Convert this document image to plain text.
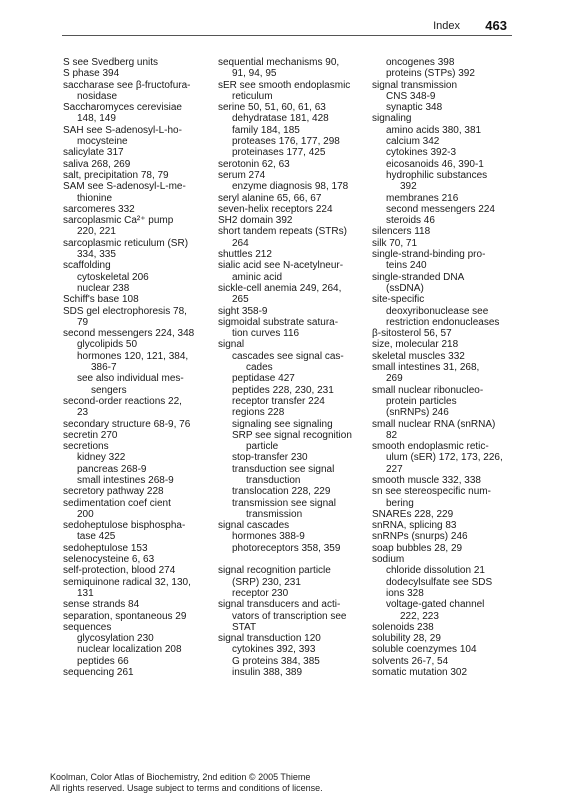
Index 463
S see Svedberg units
S phase 394
saccharase see β-fructofura-
nosidase
Saccharomyces cerevisiae
148, 149
SAH see S-adenosyl-L-ho-
mocysteine
salicylate 317
saliva 268, 269
salt, precipitation 78, 79
SAM see S-adenosyl-L-me-
thionine
sarcomeres 332
sarcoplasmic Ca²⁺ pump
220, 221
sarcoplasmic reticulum (SR)
334, 335
scaffolding
cytoskeletal 206
nuclear 238
Schiff's base 108
SDS gel electrophoresis 78,
79
second messengers 224, 348
glycolipids 50
hormones 120, 121, 384,
386-7
see also individual mes-
sengers
second-order reactions 22,
23
secondary structure 68-9, 76
secretin 270
secretions
kidney 322
pancreas 268-9
small intestines 268-9
secretory pathway 228
sedimentation coef cient
200
sedoheptulose bisphospha-
tase 425
sedoheptulose 153
selenocysteine 6, 63
self-protection, blood 274
semiquinone radical 32, 130,
131
sense strands 84
separation, spontaneous 29
sequences
glycosylation 230
nuclear localization 208
peptides 66
sequencing 261
sequential mechanisms 90,
91, 94, 95
sER see smooth endoplasmic
reticulum
serine 50, 51, 60, 61, 63
dehydratase 181, 428
family 184, 185
proteases 176, 177, 298
proteinases 177, 425
serotonin 62, 63
serum 274
enzyme diagnosis 98, 178
seryl alanine 65, 66, 67
seven-helix receptors 224
SH2 domain 392
short tandem repeats (STRs)
264
shuttles 212
sialic acid see N-acetylneur-
aminic acid
sickle-cell anemia 249, 264,
265
sight 358-9
sigmoidal substrate satura-
tion curves 116
signal
cascades see signal cas-
cades
peptidase 427
peptides 228, 230, 231
receptor transfer 224
regions 228
signaling see signaling
SRP see signal recognition
particle
stop-transfer 230
transduction see signal
transduction
translocation 228, 229
transmission see signal
transmission
signal cascades
hormones 388-9
photoreceptors 358, 359
signal recognition particle
(SRP) 230, 231
receptor 230
signal transducers and acti-
vators of transcription see
STAT
signal transduction 120
cytokines 392, 393
G proteins 384, 385
insulin 388, 389
oncogenes 398
proteins (STPs) 392
signal transmission
CNS 348-9
synaptic 348
signaling
amino acids 380, 381
calcium 342
cytokines 392-3
eicosanoids 46, 390-1
hydrophilic substances
392
membranes 216
second messengers 224
steroids 46
silencers 118
silk 70, 71
single-strand-binding pro-
teins 240
single-stranded DNA
(ssDNA)
site-specific
deoxyribonuclease see
restriction endonucleases
β-sitosterol 56, 57
size, molecular 218
skeletal muscles 332
small intestines 31, 268,
269
small nuclear ribonucleo-
protein particles
(snRNPs) 246
small nuclear RNA (snRNA)
82
smooth endoplasmic retic-
ulum (sER) 172, 173, 226,
227
smooth muscle 332, 338
sn see stereospecific num-
bering
SNAREs 228, 229
snRNA, splicing 83
snRNPs (snurps) 246
soap bubbles 28, 29
sodium
chloride dissolution 21
dodecylsulfate see SDS
ions 328
voltage-gated channel
222, 223
solenoids 238
solubility 28, 29
soluble coenzymes 104
solvents 26-7, 54
somatic mutation 302
Koolman, Color Atlas of Biochemistry, 2nd edition © 2005 Thieme
All rights reserved. Usage subject to terms and conditions of license.
